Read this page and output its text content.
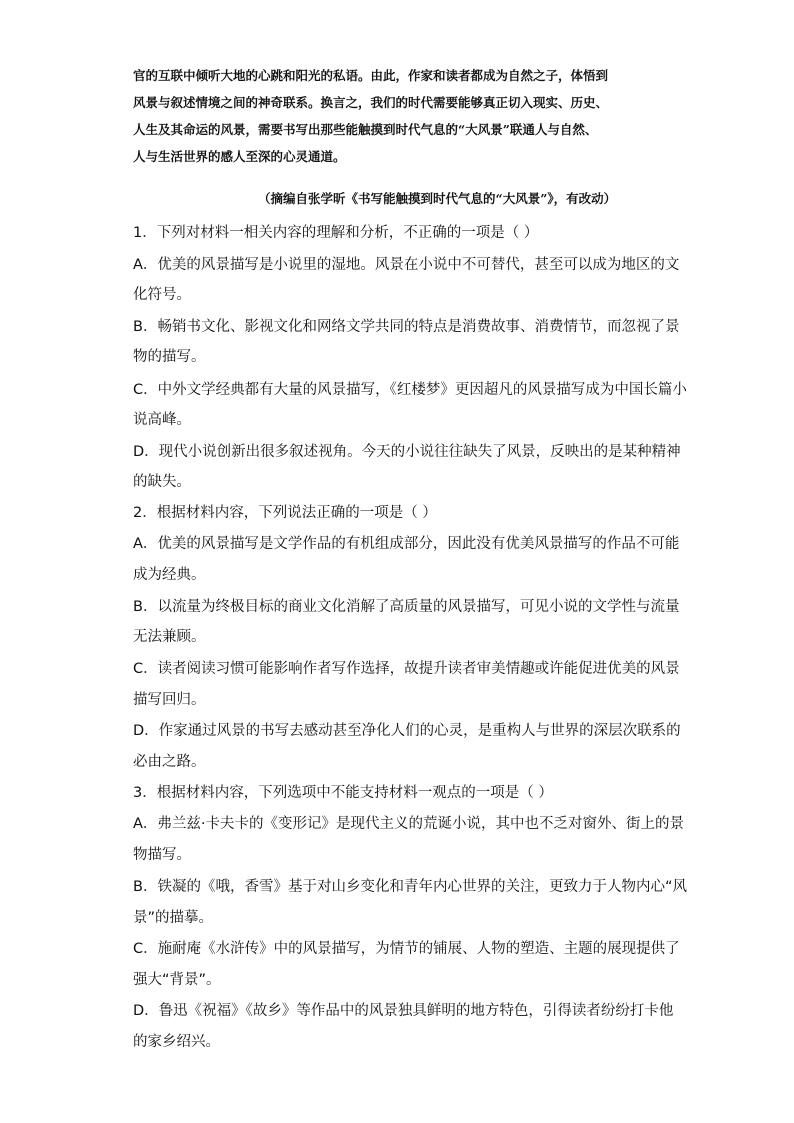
官的互联中倾听大地的心跳和阳光的私语。由此，作家和读者都成为自然之子，体悟到
风景与叙述情境之间的神奇联系。换言之，我们的时代需要能够真正切入现实、历史、
人生及其命运的风景，需要书写出那些能触摸到时代气息的“大风景”联通人与自然、
人与生活世界的感人至深的心灵通道。
（摘编自张学昕《书写能触摸到时代气息的“大风景”》，有改动）
1．下列对材料一相关内容的理解和分析，不正确的一项是（ ）
A．优美的风景描写是小说里的湿地。风景在小说中不可替代，甚至可以成为地区的文
化符号。
B．畅销书文化、影视文化和网络文学共同的特点是消费故事、消费情节，而忽视了景
物的描写。
C．中外文学经典都有大量的风景描写，《红楼梦》更因超凡的风景描写成为中国长篇小
说高峰。
D．现代小说创新出很多叙述视角。今天的小说往往缺失了风景，反映出的是某种精神
的缺失。
2．根据材料内容，下列说法正确的一项是（ ）
A．优美的风景描写是文学作品的有机组成部分，因此没有优美风景描写的作品不可能
成为经典。
B．以流量为终极目标的商业文化消解了高质量的风景描写，可见小说的文学性与流量
无法兼顾。
C．读者阅读习惯可能影响作者写作选择，故提升读者审美情趣或许能促进优美的风景
描写回归。
D．作家通过风景的书写去感动甚至净化人们的心灵，是重构人与世界的深层次联系的
必由之路。
3．根据材料内容，下列选项中不能支持材料一观点的一项是（ ）
A．弗兰兹·卡夫卡的《变形记》是现代主义的荒诞小说，其中也不乏对窗外、街上的景
物描写。
B．铁凝的《哦，香雪》基于对山乡变化和青年内心世界的关注，更致力于人物内心“风
景”的描摹。
C．施耐庵《水浒传》中的风景描写，为情节的铺展、人物的塑造、主题的展现提供了
强大“背景”。
D．鲁迅《祝福》《故乡》等作品中的风景独具鲜明的地方特色，引得读者纷纷打卡他
的家乡绍兴。
